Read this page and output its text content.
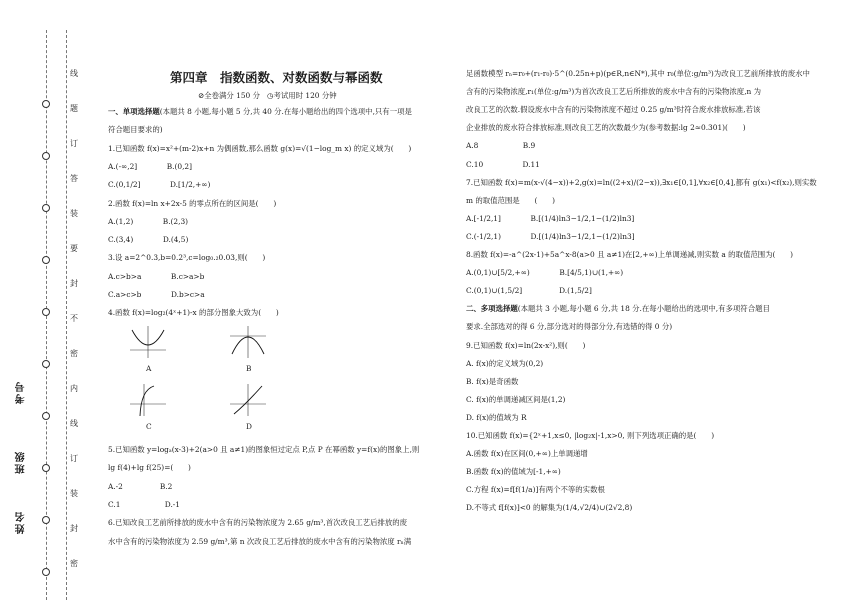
线
题
订
答
装
要
封
不
密
内
线
订
装
封
密
考号
班级
姓名
第四章　指数函数、对数函数与幂函数
⊘全卷满分 150 分 ◷考试用时 120 分钟
一、单项选择题(本题共 8 小题,每小题 5 分,共 40 分.在每小题给出的四个选项中,只有一项是
符合题目要求的)
1.已知函数 f(x)=x²+(m-2)x+n 为偶函数,那么函数 g(x)=√(1−log_m x) 的定义域为(　　)
A.(-∞,2]　　　　B.(0,2]
C.(0,1/2]　　　　D.[1/2,+∞)
2.函数 f(x)=ln x+2x-5 的零点所在的区间是(　　)
A.(1,2)　　　　B.(2,3)
C.(3,4)　　　　D.(4,5)
3.设 a=2^0.3,b=0.2³,c=log₀.₂0.03,则(　　)
A.c>b>a　　　　B.c>a>b
C.a>c>b　　　　D.b>c>a
4.函数 f(x)=log₂(4ˣ+1)-x 的部分图象大致为(　　)
A	B
C	D
5.已知函数 y=logₐ(x-3)+2(a>0 且 a≠1)的图象恒过定点 P,点 P 在幂函数 y=f(x)的图象上,则
lg f(4)+lg f(25)=(　　)
A.-2　　　　　B.2
C.1　　　　　　D.-1
6.已知改良工艺前所排放的废水中含有的污染物浓度为 2.65 g/m³,首次改良工艺后排放的废
水中含有的污染物浓度为 2.59 g/m³,第 n 次改良工艺后排放的废水中含有的污染物浓度 rₙ满
足函数模型 rₙ=r₀+(r₁-r₀)·5^(0.25n+p)(p∈R,n∈N*),其中 r₀(单位:g/m³)为改良工艺前所排放的废水中
含有的污染物浓度,r₁(单位:g/m³)为首次改良工艺后所排放的废水中含有的污染物浓度,n 为
改良工艺的次数.假设废水中含有的污染物浓度不超过 0.25 g/m³时符合废水排放标准,若该
企业排放的废水符合排放标准,则改良工艺的次数最少为(参考数据:lg 2≈0.301)(　　)
A.8　　　　　　B.9
C.10　　　　　 D.11
7.已知函数 f(x)=m(x-√(4−x))+2,g(x)=ln((2+x)/(2−x)),∃x₁∈[0,1],∀x₂∈[0,4],都有 g(x₁)<f(x₂),则实数
m 的取值范围是　　(　　)
A.[-1/2,1]　　　　B.[(1/4)ln3−1/2,1−(1/2)ln3]
C.(-1/2,1)　　　　D.[(1/4)ln3−1/2,1−(1/2)ln3]
8.函数 f(x)=-a^(2x-1)+5a^x-8(a>0 且 a≠1)在[2,+∞)上单调递减,则实数 a 的取值范围为(　　)
A.(0,1)∪[5/2,+∞)　　　　B.[4/5,1)∪(1,+∞)
C.(0,1)∪(1,5/2]　　　　　D.(1,5/2]
二、多项选择题(本题共 3 小题,每小题 6 分,共 18 分.在每小题给出的选项中,有多项符合题目
要求.全部选对的得 6 分,部分选对的得部分分,有选错的得 0 分)
9.已知函数 f(x)=ln(2x-x²),则(　　)
A. f(x)的定义域为(0,2)
B. f(x)是奇函数
C. f(x)的单调递减区间是(1,2)
D. f(x)的值域为 R
10.已知函数 f(x)={2ˣ+1,x≤0, |log₂x|-1,x>0, 则下列选项正确的是(　　)
A.函数 f(x)在区间(0,+∞)上单调递增
B.函数 f(x)的值域为[-1,+∞)
C.方程 f(x)=f[f(1/a)]有两个不等的实数根
D.不等式 f[f(x)]<0 的解集为(1/4,√2/4)∪(2√2,8)
